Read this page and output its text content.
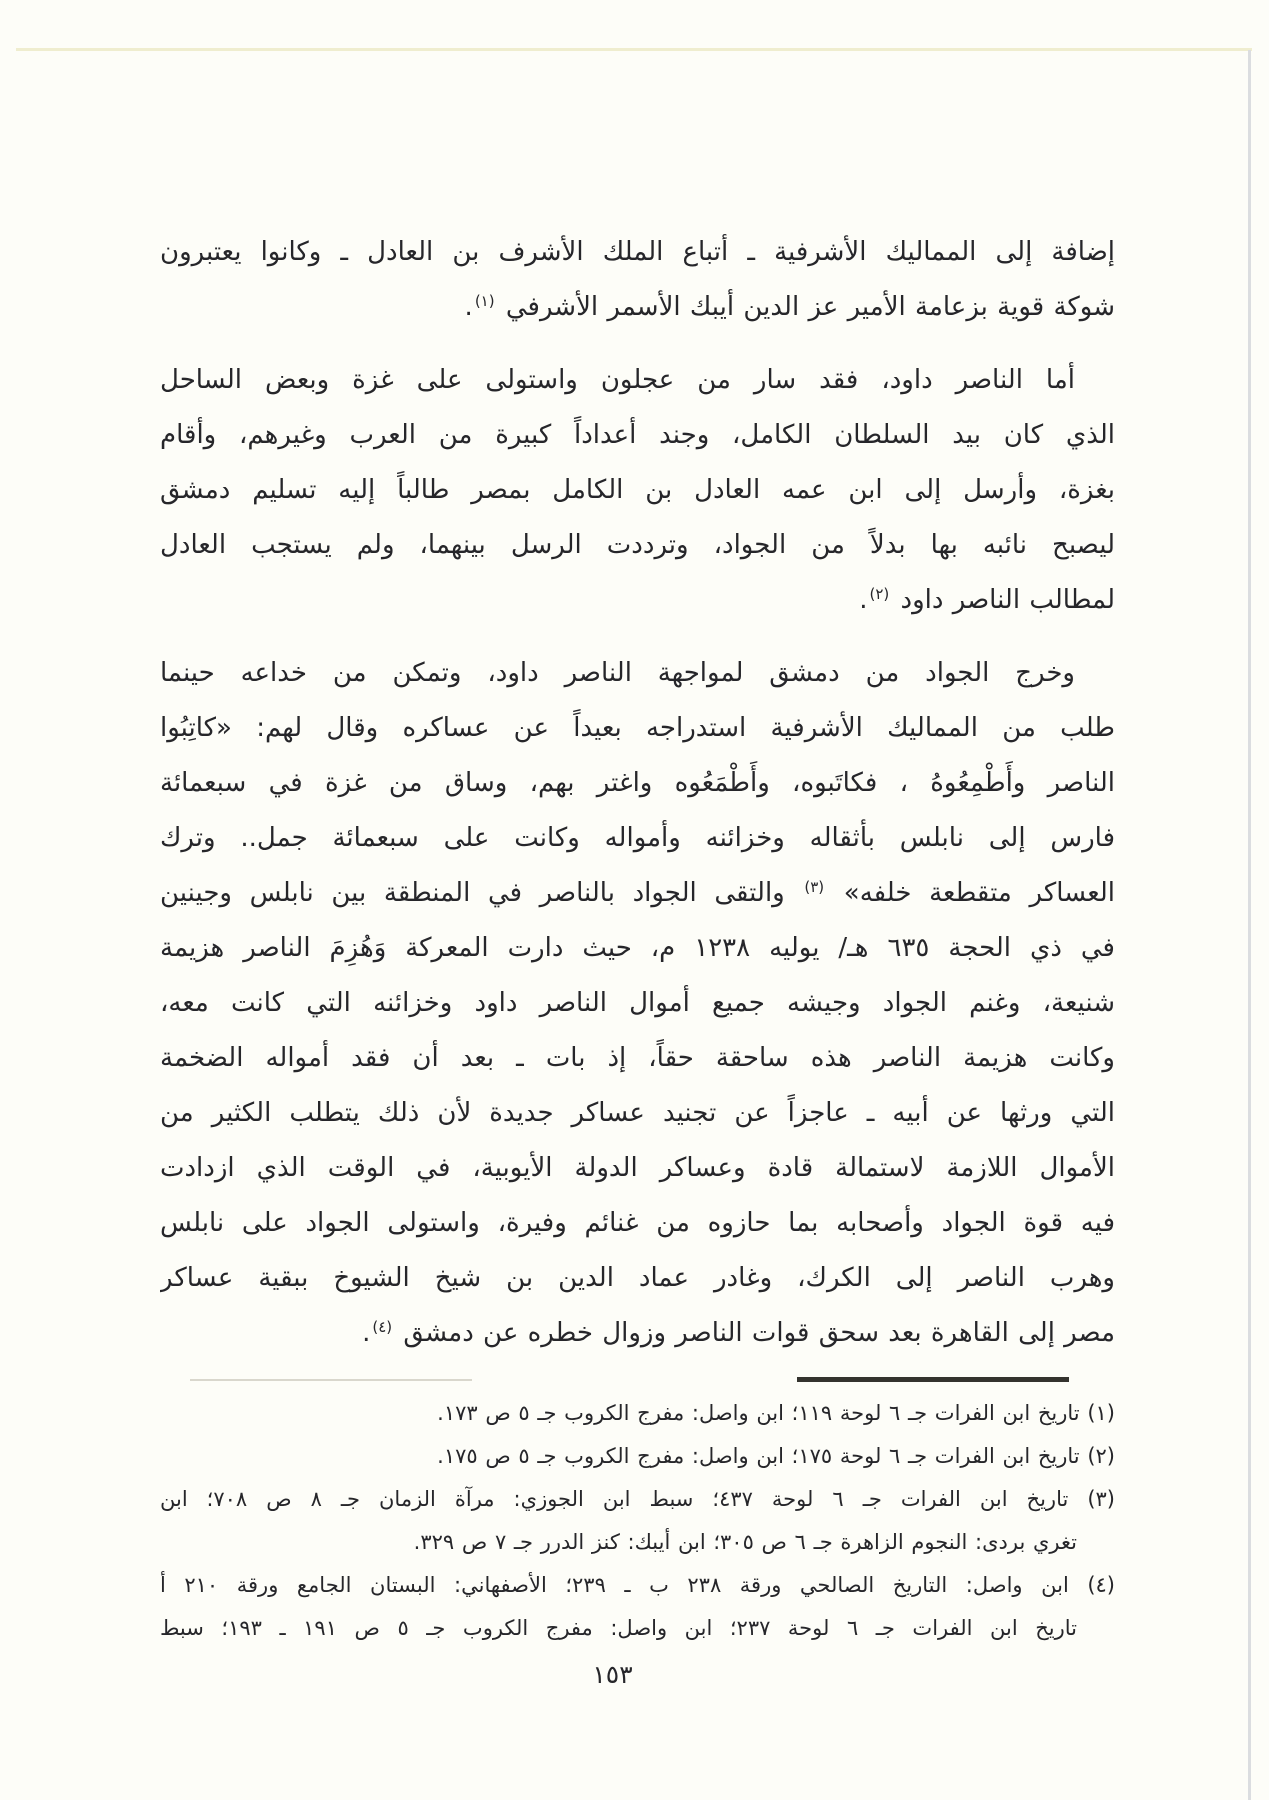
إضافة إلى المماليك الأشرفية ـ أتباع الملك الأشرف بن العادل ـ وكانوا يعتبرون
شوكة قوية بزعامة الأمير عز الدين أيبك الأسمر الأشرفي $^{(١)}$.
أما الناصر داود، فقد سار من عجلون واستولى على غزة وبعض الساحل
الذي كان بيد السلطان الكامل، وجند أعداداً كبيرة من العرب وغيرهم، وأقام
بغزة، وأرسل إلى ابن عمه العادل بن الكامل بمصر طالباً إليه تسليم دمشق
ليصبح نائبه بها بدلاً من الجواد، وترددت الرسل بينهما، ولم يستجب العادل
لمطالب الناصر داود $^{(٢)}$.
وخرج الجواد من دمشق لمواجهة الناصر داود، وتمكن من خداعه حينما
طلب من المماليك الأشرفية استدراجه بعيداً عن عساكره وقال لهم: «كاتِبُوا
الناصر وأَطْمِعُوهُ ، فكاتَبوه، وأَطْمَعُوه واغتر بهم، وساق من غزة في سبعمائة
فارس إلى نابلس بأثقاله وخزائنه وأمواله وكانت على سبعمائة جمل.. وترك
العساكر متقطعة خلفه» $^{(٣)}$ والتقى الجواد بالناصر في المنطقة بين نابلس وجينين
في ذي الحجة ٦٣٥ هـ/ يوليه ١٢٣٨ م، حيث دارت المعركة وَهُزِمَ الناصر هزيمة
شنيعة، وغنم الجواد وجيشه جميع أموال الناصر داود وخزائنه التي كانت معه،
وكانت هزيمة الناصر هذه ساحقة حقاً، إذ بات ـ بعد أن فقد أمواله الضخمة
التي ورثها عن أبيه ـ عاجزاً عن تجنيد عساكر جديدة لأن ذلك يتطلب الكثير من
الأموال اللازمة لاستمالة قادة وعساكر الدولة الأيوبية، في الوقت الذي ازدادت
فيه قوة الجواد وأصحابه بما حازوه من غنائم وفيرة، واستولى الجواد على نابلس
وهرب الناصر إلى الكرك، وغادر عماد الدين بن شيخ الشيوخ ببقية عساكر
مصر إلى القاهرة بعد سحق قوات الناصر وزوال خطره عن دمشق $^{(٤)}$.
(١) تاريخ ابن الفرات جـ ٦ لوحة ١١٩؛ ابن واصل: مفرج الكروب جـ ٥ ص ١٧٣.
(٢) تاريخ ابن الفرات جـ ٦ لوحة ١٧٥؛ ابن واصل: مفرج الكروب جـ ٥ ص ١٧٥.
(٣) تاريخ ابن الفرات جـ ٦ لوحة ٤٣٧؛ سبط ابن الجوزي: مرآة الزمان جـ ٨ ص ٧٠٨؛ ابن
تغري بردى: النجوم الزاهرة جـ ٦ ص ٣٠٥؛ ابن أيبك: كنز الدرر جـ ٧ ص ٣٢٩.
(٤) ابن واصل: التاريخ الصالحي ورقة ٢٣٨ ب ـ ٢٣٩؛ الأصفهاني: البستان الجامع ورقة ٢١٠ أ
تاريخ ابن الفرات جـ ٦ لوحة ٢٣٧؛ ابن واصل: مفرج الكروب جـ ٥ ص ١٩١ ـ ١٩٣؛ سبط
١٥٣
